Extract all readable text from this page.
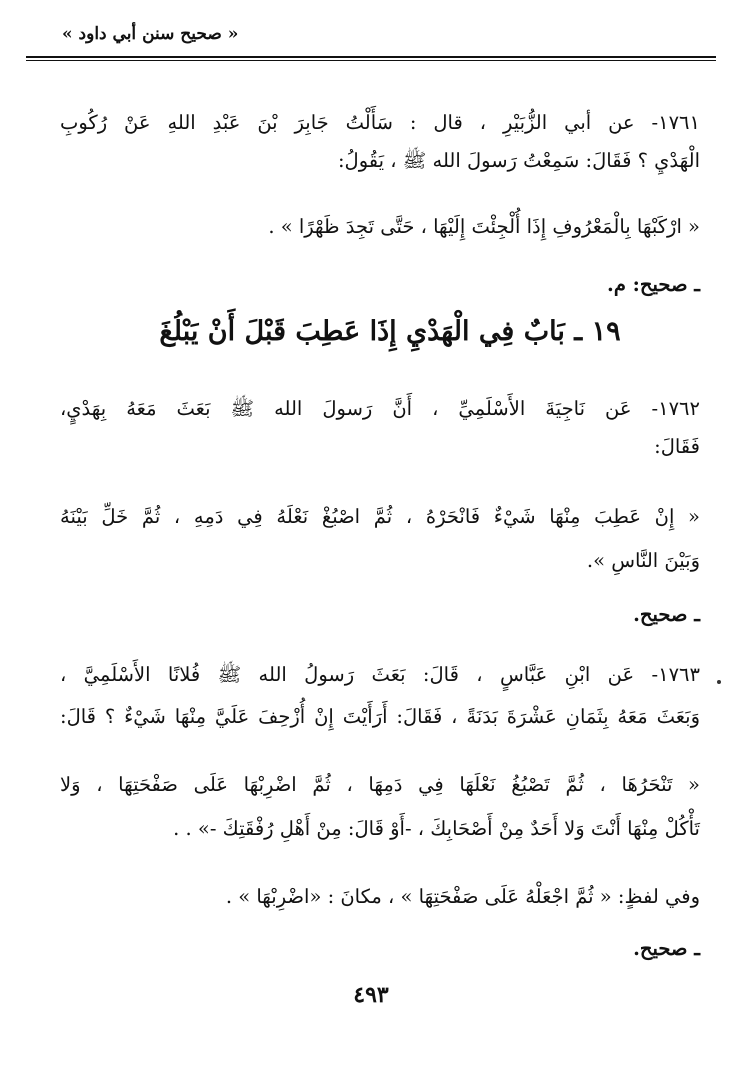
« صحيح سنن أبي داود »
١٧٦١- عن أبي الزُّبَيْرِ ، قال : سَأَلْتُ جَابِرَ بْنَ عَبْدِ اللهِ عَنْ رُكُوبِ
الْهَدْيِ ؟ فَقَالَ: سَمِعْتُ رَسولَ الله ﷺ ، يَقُولُ:
« ارْكَبْهَا بِالْمَعْرُوفِ إِذَا أُلْجِئْتَ إِلَيْهَا ، حَتَّى تَجِدَ ظَهْرًا » .
ـ صحيح: م.
١٩ ـ بَابٌ فِي الْهَدْيِ إِذَا عَطِبَ قَبْلَ أَنْ يَبْلُغَ
١٧٦٢- عَن نَاجِيَةَ الأَسْلَمِيِّ ، أَنَّ رَسولَ الله ﷺ بَعَثَ مَعَهُ بِهَدْيٍ،
فَقَالَ:
« إِنْ عَطِبَ مِنْهَا شَيْءٌ فَانْحَرْهُ ، ثُمَّ اصْبُغْ نَعْلَهُ فِي دَمِهِ ، ثُمَّ خَلِّ بَيْنَهُ
وَبَيْنَ النَّاسِ ».
ـ صحيح.
١٧٦٣- عَن ابْنِ عَبَّاسٍ ، قَالَ: بَعَثَ رَسولُ الله ﷺ فُلانًا الأَسْلَمِيَّ ،
وَبَعَثَ مَعَهُ بِثَمَانِ عَشْرَةَ بَدَنَةً ، فَقَالَ: أَرَأَيْتَ إِنْ أُزْحِفَ عَلَيَّ مِنْهَا شَيْءٌ ؟ قَالَ:
« تَنْحَرُهَا ، ثُمَّ تَصْبُغُ نَعْلَهَا فِي دَمِهَا ، ثُمَّ اضْرِبْهَا عَلَى صَفْحَتِهَا ، وَلا
تَأْكُلْ مِنْهَا أَنْتَ وَلا أَحَدٌ مِنْ أَصْحَابِكَ ، -أَوْ قَالَ: مِنْ أَهْلِ رُفْقَتِكَ -» . .
وفي لفظٍ: « ثُمَّ اجْعَلْهُ عَلَى صَفْحَتِهَا » ، مكانَ : «اضْرِبْهَا » .
ـ صحيح.
٤٩٣
